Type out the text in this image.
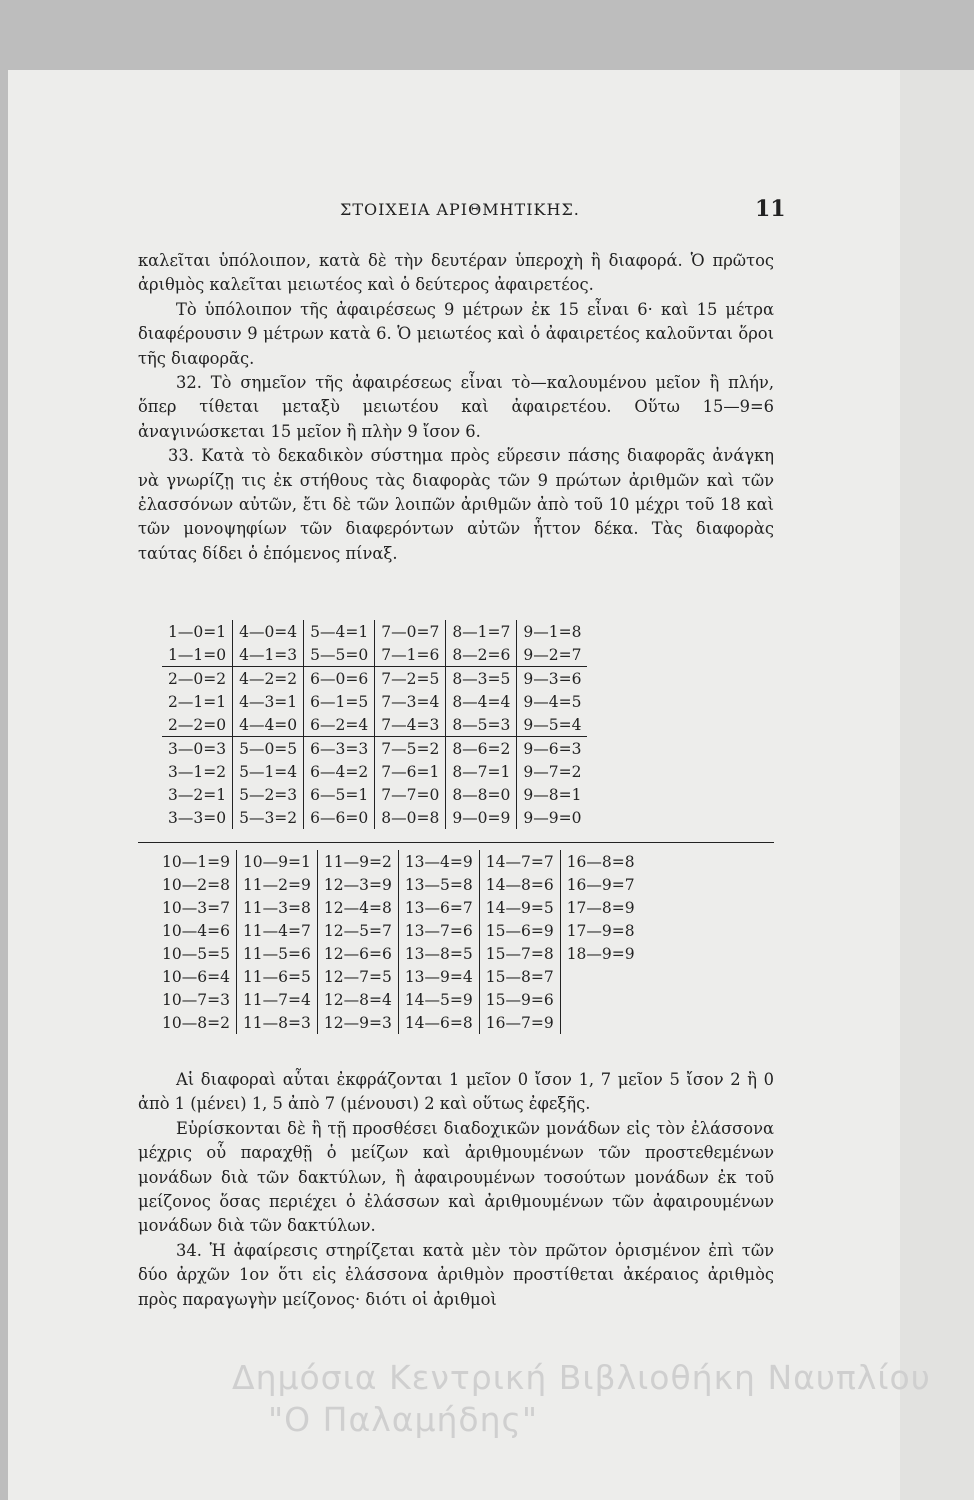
ΣΤΟΙΧΕΙΑ ΑΡΙΘΜΗΤΙΚΗΣ.	11

καλεῖται ὑπόλοιπον, κατὰ δὲ τὴν δευτέραν ὑπεροχὴ ἢ διαφορά. Ὁ πρῶτος ἀριθμὸς καλεῖται μειωτέος καὶ ὁ δεύτερος ἀφαιρετέος.

Τὸ ὑπόλοιπον τῆς ἀφαιρέσεως 9 μέτρων ἐκ 15 εἶναι 6· καὶ 15 μέτρα διαφέρουσιν 9 μέτρων κατὰ 6. Ὁ μειωτέος καὶ ὁ ἀφαιρετέος καλοῦνται ὅροι τῆς διαφορᾶς.

32. Τὸ σημεῖον τῆς ἀφαιρέσεως εἶναι τὸ—καλουμένου μεῖον ἢ πλήν, ὅπερ τίθεται μεταξὺ μειωτέου καὶ ἀφαιρετέου. Οὕτω 15—9=6 ἀναγινώσκεται 15 μεῖον ἢ πλὴν 9 ἴσον 6.

33. Κατὰ τὸ δεκαδικὸν σύστημα πρὸς εὕρεσιν πάσης διαφορᾶς ἀνάγκη νὰ γνωρίζῃ τις ἐκ στήθους τὰς διαφορὰς τῶν 9 πρώτων ἀριθμῶν καὶ τῶν ἐλασσόνων αὐτῶν, ἔτι δὲ τῶν λοιπῶν ἀριθμῶν ἀπὸ τοῦ 10 μέχρι τοῦ 18 καὶ τῶν μονοψηφίων τῶν διαφερόντων αὐτῶν ἧττον δέκα. Τὰς διαφορὰς ταύτας δίδει ὁ ἑπόμενος πίναξ.

1—0=1	4—0=4	5—4=1	7—0=7	8—1=7	9—1=8
1—1=0	4—1=3	5—5=0	7—1=6	8—2=6	9—2=7
2—0=2	4—2=2	6—0=6	7—2=5	8—3=5	9—3=6
2—1=1	4—3=1	6—1=5	7—3=4	8—4=4	9—4=5
2—2=0	4—4=0	6—2=4	7—4=3	8—5=3	9—5=4
3—0=3	5—0=5	6—3=3	7—5=2	8—6=2	9—6=3
3—1=2	5—1=4	6—4=2	7—6=1	8—7=1	9—7=2
3—2=1	5—2=3	6—5=1	7—7=0	8—8=0	9—8=1
3—3=0	5—3=2	6—6=0	8—0=8	9—0=9	9—9=0
10—1=9	10—9=1	11—9=2	13—4=9	14—7=7	16—8=8
10—2=8	11—2=9	12—3=9	13—5=8	14—8=6	16—9=7
10—3=7	11—3=8	12—4=8	13—6=7	14—9=5	17—8=9
10—4=6	11—4=7	12—5=7	13—7=6	15—6=9	17—9=8
10—5=5	11—5=6	12—6=6	13—8=5	15—7=8	18—9=9
10—6=4	11—6=5	12—7=5	13—9=4	15—8=7	
10—7=3	11—7=4	12—8=4	14—5=9	15—9=6	
10—8=2	11—8=3	12—9=3	14—6=8	16—7=9	

Αἱ διαφοραὶ αὗται ἐκφράζονται 1 μεῖον 0 ἴσον 1, 7 μεῖον 5 ἴσον 2 ἢ 0 ἀπὸ 1 (μένει) 1, 5 ἀπὸ 7 (μένουσι) 2 καὶ οὕτως ἐφεξῆς.

Εὑρίσκονται δὲ ἢ τῇ προσθέσει διαδοχικῶν μονάδων εἰς τὸν ἐλάσσονα μέχρις οὗ παραχθῇ ὁ μείζων καὶ ἀριθμουμένων τῶν προστεθεμένων μονάδων διὰ τῶν δακτύλων, ἢ ἀφαιρουμένων τοσούτων μονάδων ἐκ τοῦ μείζονος ὅσας περιέχει ὁ ἐλάσσων καὶ ἀριθμουμένων τῶν ἀφαιρουμένων μονάδων διὰ τῶν δακτύλων.

34. Ἡ ἀφαίρεσις στηρίζεται κατὰ μὲν τὸν πρῶτον ὁρισμένον ἐπὶ τῶν δύο ἀρχῶν 1ον ὅτι εἰς ἐλάσσονα ἀριθμὸν προστίθεται ἀκέραιος ἀριθμὸς πρὸς παραγωγὴν μείζονος· διότι οἱ ἀριθμοὶ

Δημόσια Κεντρική Βιβλιοθήκη Ναυπλίου
"Ο Παλαμήδης"
